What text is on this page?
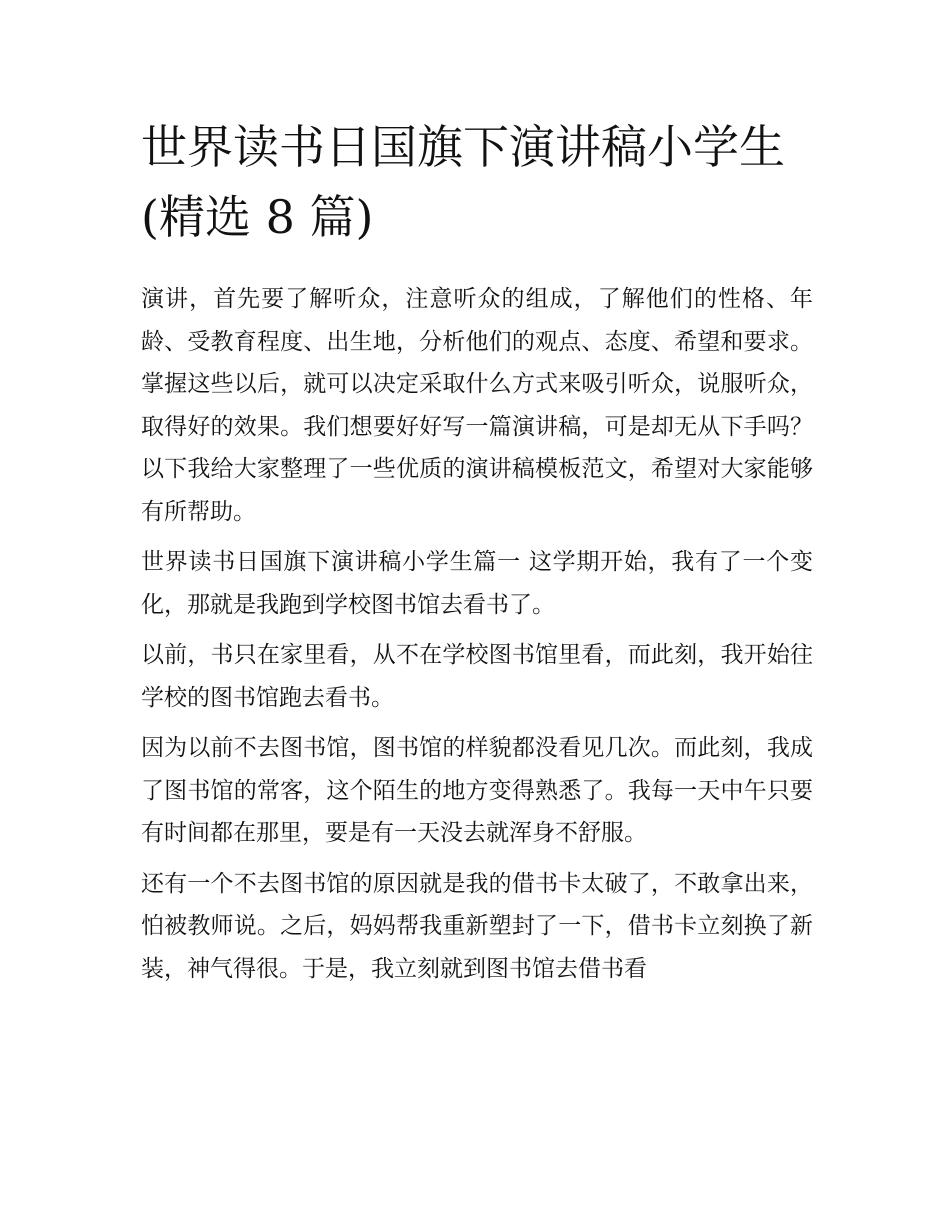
世界读书日国旗下演讲稿小学生(精选 8 篇)

演讲，首先要了解听众，注意听众的组成，了解他们的性格、年龄、受教育程度、出生地，分析他们的观点、态度、希望和要求。掌握这些以后，就可以决定采取什么方式来吸引听众，说服听众，取得好的效果。我们想要好好写一篇演讲稿，可是却无从下手吗？以下我给大家整理了一些优质的演讲稿模板范文，希望对大家能够有所帮助。

世界读书日国旗下演讲稿小学生篇一 这学期开始，我有了一个变化，那就是我跑到学校图书馆去看书了。

以前，书只在家里看，从不在学校图书馆里看，而此刻，我开始往学校的图书馆跑去看书。

因为以前不去图书馆，图书馆的样貌都没看见几次。而此刻，我成了图书馆的常客，这个陌生的地方变得熟悉了。我每一天中午只要有时间都在那里，要是有一天没去就浑身不舒服。

还有一个不去图书馆的原因就是我的借书卡太破了，不敢拿出来，怕被教师说。之后，妈妈帮我重新塑封了一下，借书卡立刻换了新装，神气得很。于是，我立刻就到图书馆去借书看
